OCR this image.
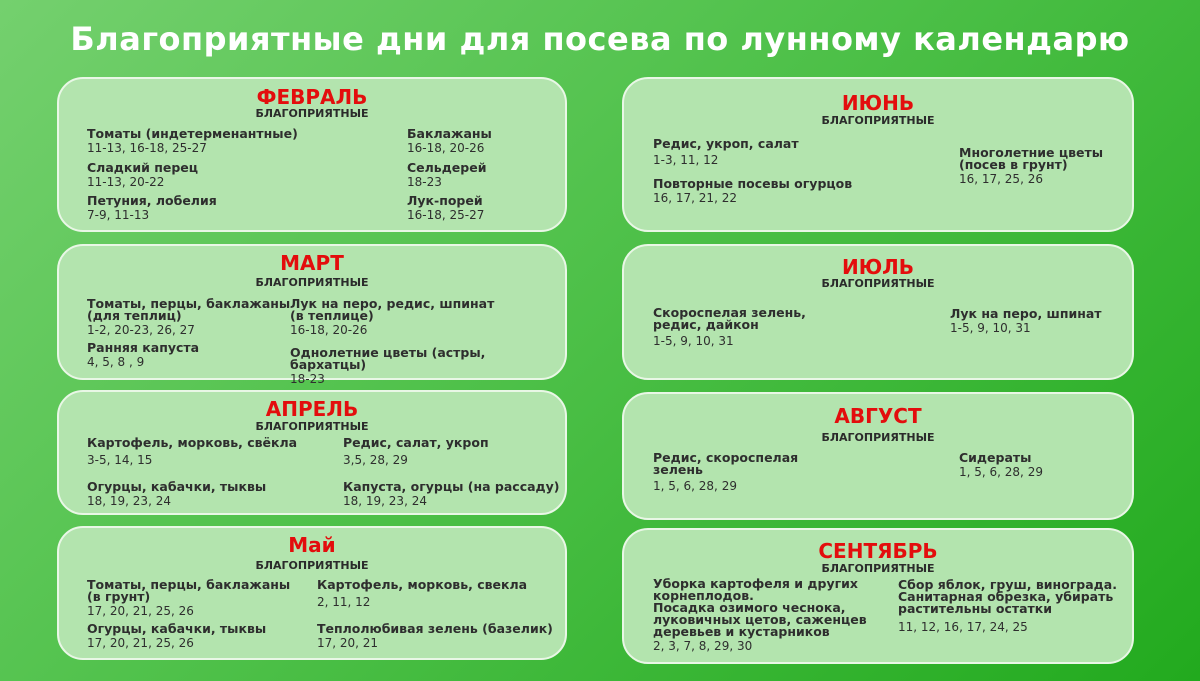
Благоприятные дни для посева по лунному календарю
ФЕВРАЛЬ
БЛАГОПРИЯТНЫЕ
Томаты (индетерменантные)
11-13, 16-18, 25-27
Сладкий перец
11-13, 20-22
Петуния, лобелия
7-9, 11-13
Баклажаны
16-18, 20-26
Сельдерей
18-23
Лук-порей
16-18, 25-27
МАРТ
БЛАГОПРИЯТНЫЕ
Томаты, перцы, баклажаны
(для теплиц)
1-2, 20-23, 26, 27
Ранняя капуста
4, 5, 8 , 9
Лук на перо, редис, шпинат
(в теплице)
16-18, 20-26
Однолетние цветы (астры, бархатцы)
18-23
АПРЕЛЬ
БЛАГОПРИЯТНЫЕ
Картофель, морковь, свёкла
3-5, 14, 15
Огурцы, кабачки, тыквы
18, 19, 23, 24
Редис, салат, укроп
3,5, 28, 29
Капуста, огурцы (на рассаду)
18, 19, 23, 24
Май
БЛАГОПРИЯТНЫЕ
Томаты, перцы, баклажаны
(в грунт)
17, 20, 21, 25, 26
Огурцы, кабачки, тыквы
17, 20, 21, 25, 26
Картофель, морковь, свекла
2, 11, 12
Теплолюбивая зелень (базелик)
17, 20, 21
ИЮНЬ
БЛАГОПРИЯТНЫЕ
Редис, укроп, салат
1-3, 11, 12
Повторные посевы огурцов
16, 17, 21, 22
Многолетние цветы
(посев в грунт)
16, 17, 25, 26
ИЮЛЬ
БЛАГОПРИЯТНЫЕ
Скороспелая зелень,
редис, дайкон
1-5, 9, 10, 31
Лук на перо, шпинат
1-5, 9, 10, 31
АВГУСТ
БЛАГОПРИЯТНЫЕ
Редис, скороспелая
зелень
1, 5, 6, 28, 29
Сидераты
1, 5, 6, 28, 29
СЕНТЯБРЬ
БЛАГОПРИЯТНЫЕ
Уборка картофеля и других
корнеплодов.
Посадка озимого чеснока,
луковичных цетов, саженцев
деревьев и кустарников
2, 3, 7, 8, 29, 30
Сбор яблок, груш, винограда.
Санитарная обрезка, убирать
растительны остатки
11, 12, 16, 17, 24, 25
